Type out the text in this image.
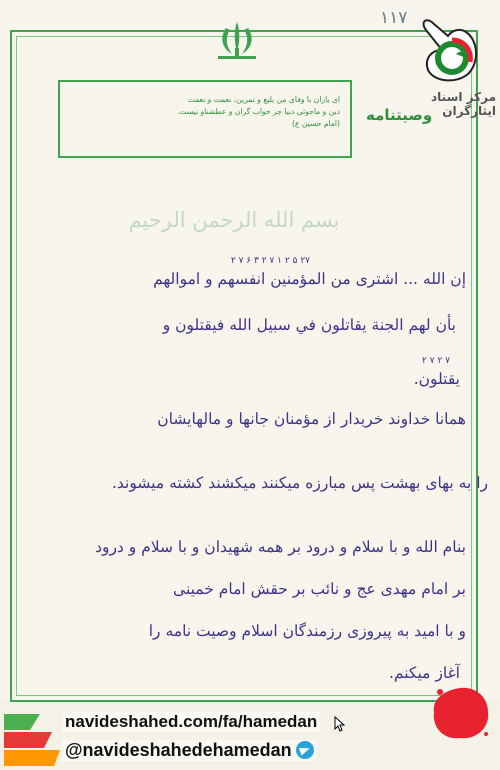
۱۱۷
مرکز اسناد ایثارگران
وصیتنامه

ای یاران با وفای من بلیغ و تمرین، نعمت و نعمت

دین و ماجوئی دنیا جز خواب گران و عطشناو نیست.

(امام حسین ع)

بسم الله الرحمن الرحیم
۲۷ ۵ ۲ ۱ ۷ ۲ ۳ ۶ ۷ ۲
إن الله ... اشترى من المؤمنين انفسهم و اموالهم
بأن لهم الجنة يقاتلون في سبيل الله فيقتلون و
۷ ۲ ۷ ۲
يقتلون.
همانا خداوند خریدار از مؤمنان جانها و مالهایشان
را به بهای بهشت پس مبارزه میکنند میکشند کشته میشوند.
بنام الله و با سلام و درود بر همه شهیدان و با سلام و درود
بر امام مهدی عج و نائب بر حقش امام خمینی
و با امید به پیروزی رزمندگان اسلام وصیت نامه را
آغاز میکنم.
navideshahed.com/fa/hamedan
@navideshahedehamedan
